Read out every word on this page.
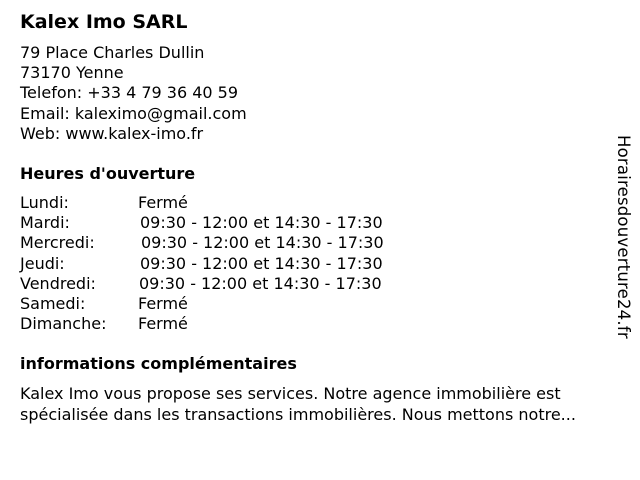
Kalex Imo SARL
79 Place Charles Dullin
73170 Yenne
Telefon: +33 4 79 36 40 59
Email: kaleximo@gmail.com
Web: www.kalex-imo.fr
Heures d'ouverture
Lundi:	Fermé
Mardi:	09:30 - 12:00 et 14:30 - 17:30
Mercredi:	09:30 - 12:00 et 14:30 - 17:30
Jeudi:	09:30 - 12:00 et 14:30 - 17:30
Vendredi:	09:30 - 12:00 et 14:30 - 17:30
Samedi:	Fermé
Dimanche: Fermé
informations complémentaires
Kalex Imo vous propose ses services. Notre agence immobilière est
spécialisée dans les transactions immobilières. Nous mettons notre...
Horairesdouverture24.fr
